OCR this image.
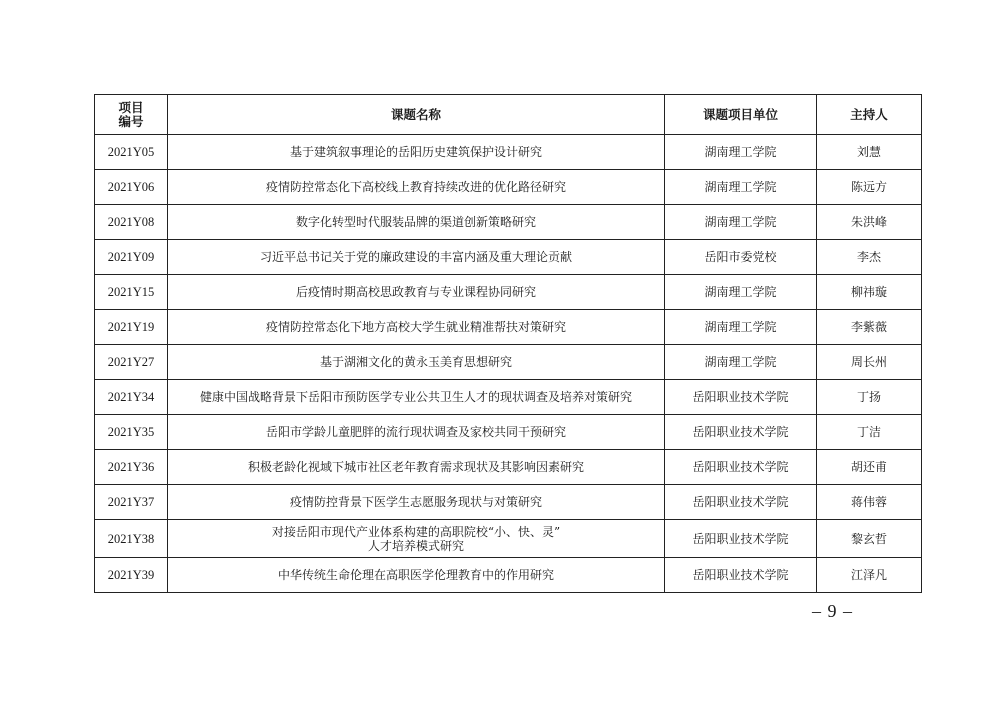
项目
编号	课题名称	课题项目单位	主持人
2021Y05	基于建筑叙事理论的岳阳历史建筑保护设计研究	湖南理工学院	刘慧
2021Y06	疫情防控常态化下高校线上教育持续改进的优化路径研究	湖南理工学院	陈远方
2021Y08	数字化转型时代服装品牌的渠道创新策略研究	湖南理工学院	朱洪峰
2021Y09	习近平总书记关于党的廉政建设的丰富内涵及重大理论贡献	岳阳市委党校	李杰
2021Y15	后疫情时期高校思政教育与专业课程协同研究	湖南理工学院	柳祎璇
2021Y19	疫情防控常态化下地方高校大学生就业精准帮扶对策研究	湖南理工学院	李紫薇
2021Y27	基于湖湘文化的黄永玉美育思想研究	湖南理工学院	周长州
2021Y34	健康中国战略背景下岳阳市预防医学专业公共卫生人才的现状调查及培养对策研究	岳阳职业技术学院	丁扬
2021Y35	岳阳市学龄儿童肥胖的流行现状调查及家校共同干预研究	岳阳职业技术学院	丁洁
2021Y36	积极老龄化视域下城市社区老年教育需求现状及其影响因素研究	岳阳职业技术学院	胡还甫
2021Y37	疫情防控背景下医学生志愿服务现状与对策研究	岳阳职业技术学院	蒋伟蓉
2021Y38	对接岳阳市现代产业体系构建的高职院校“小、快、灵”
人才培养模式研究	岳阳职业技术学院	黎玄哲
2021Y39	中华传统生命伦理在高职医学伦理教育中的作用研究	岳阳职业技术学院	江泽凡
– 9 –
